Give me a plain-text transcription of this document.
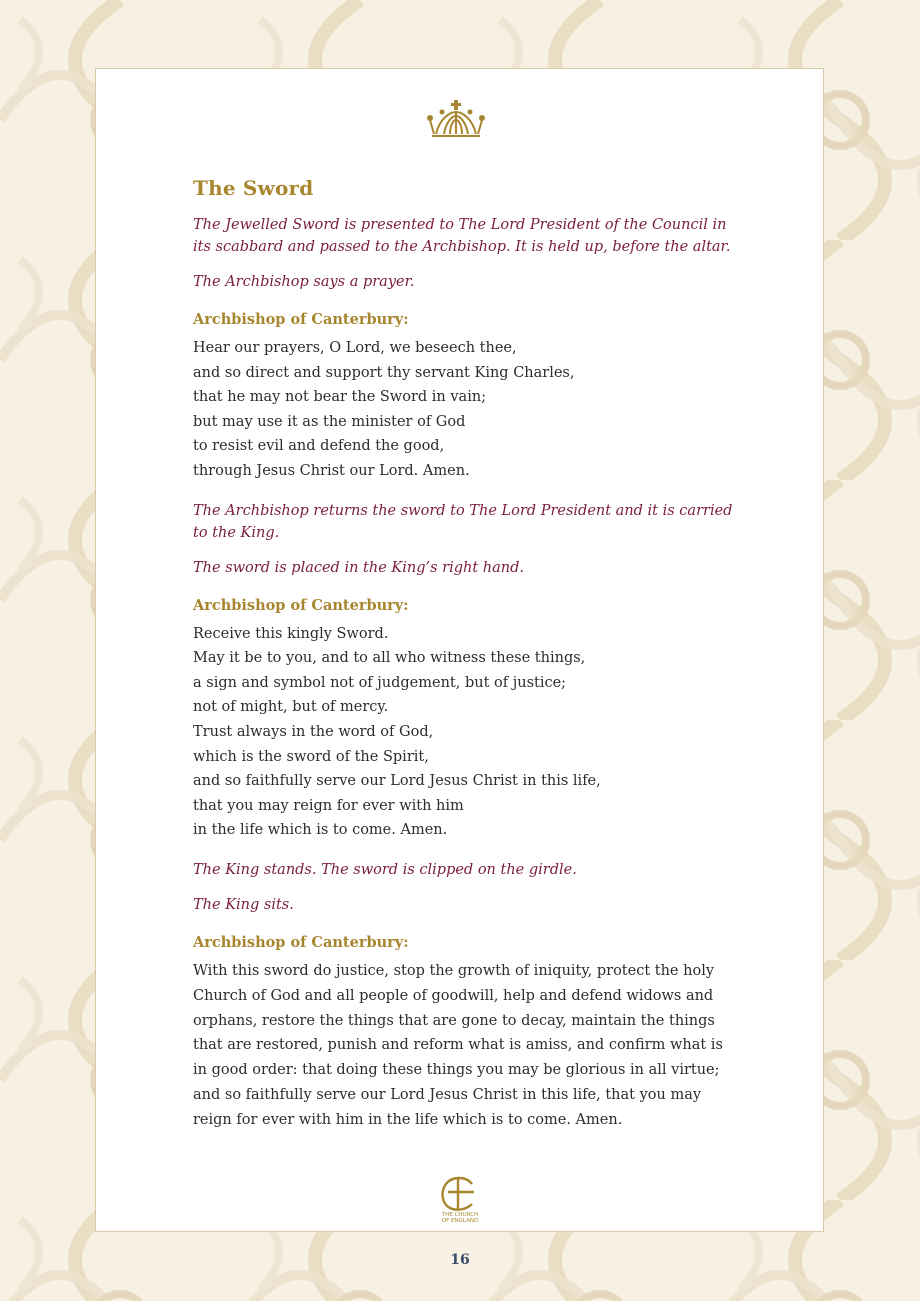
The Sword

The Jewelled Sword is presented to The Lord President of the Council in its scabbard and passed to the Archbishop. It is held up, before the altar.

The Archbishop says a prayer.

Archbishop of Canterbury:
Hear our prayers, O Lord, we beseech thee,
and so direct and support thy servant King Charles,
that he may not bear the Sword in vain;
but may use it as the minister of God
to resist evil and defend the good,
through Jesus Christ our Lord. Amen.

The Archbishop returns the sword to The Lord President and it is carried to the King.

The sword is placed in the King’s right hand.

Archbishop of Canterbury:
Receive this kingly Sword.
May it be to you, and to all who witness these things,
a sign and symbol not of judgement, but of justice;
not of might, but of mercy.
Trust always in the word of God,
which is the sword of the Spirit,
and so faithfully serve our Lord Jesus Christ in this life,
that you may reign for ever with him
in the life which is to come. Amen.

The King stands. The sword is clipped on the girdle.

The King sits.

Archbishop of Canterbury:

With this sword do justice, stop the growth of iniquity, protect the holy Church of God and all people of goodwill, help and defend widows and orphans, restore the things that are gone to decay, maintain the things that are restored, punish and reform what is amiss, and confirm what is in good order: that doing these things you may be glorious in all virtue; and so faithfully serve our Lord Jesus Christ in this life, that you may reign for ever with him in the life which is to come. Amen.

THE CHURCH
OF ENGLAND
16
